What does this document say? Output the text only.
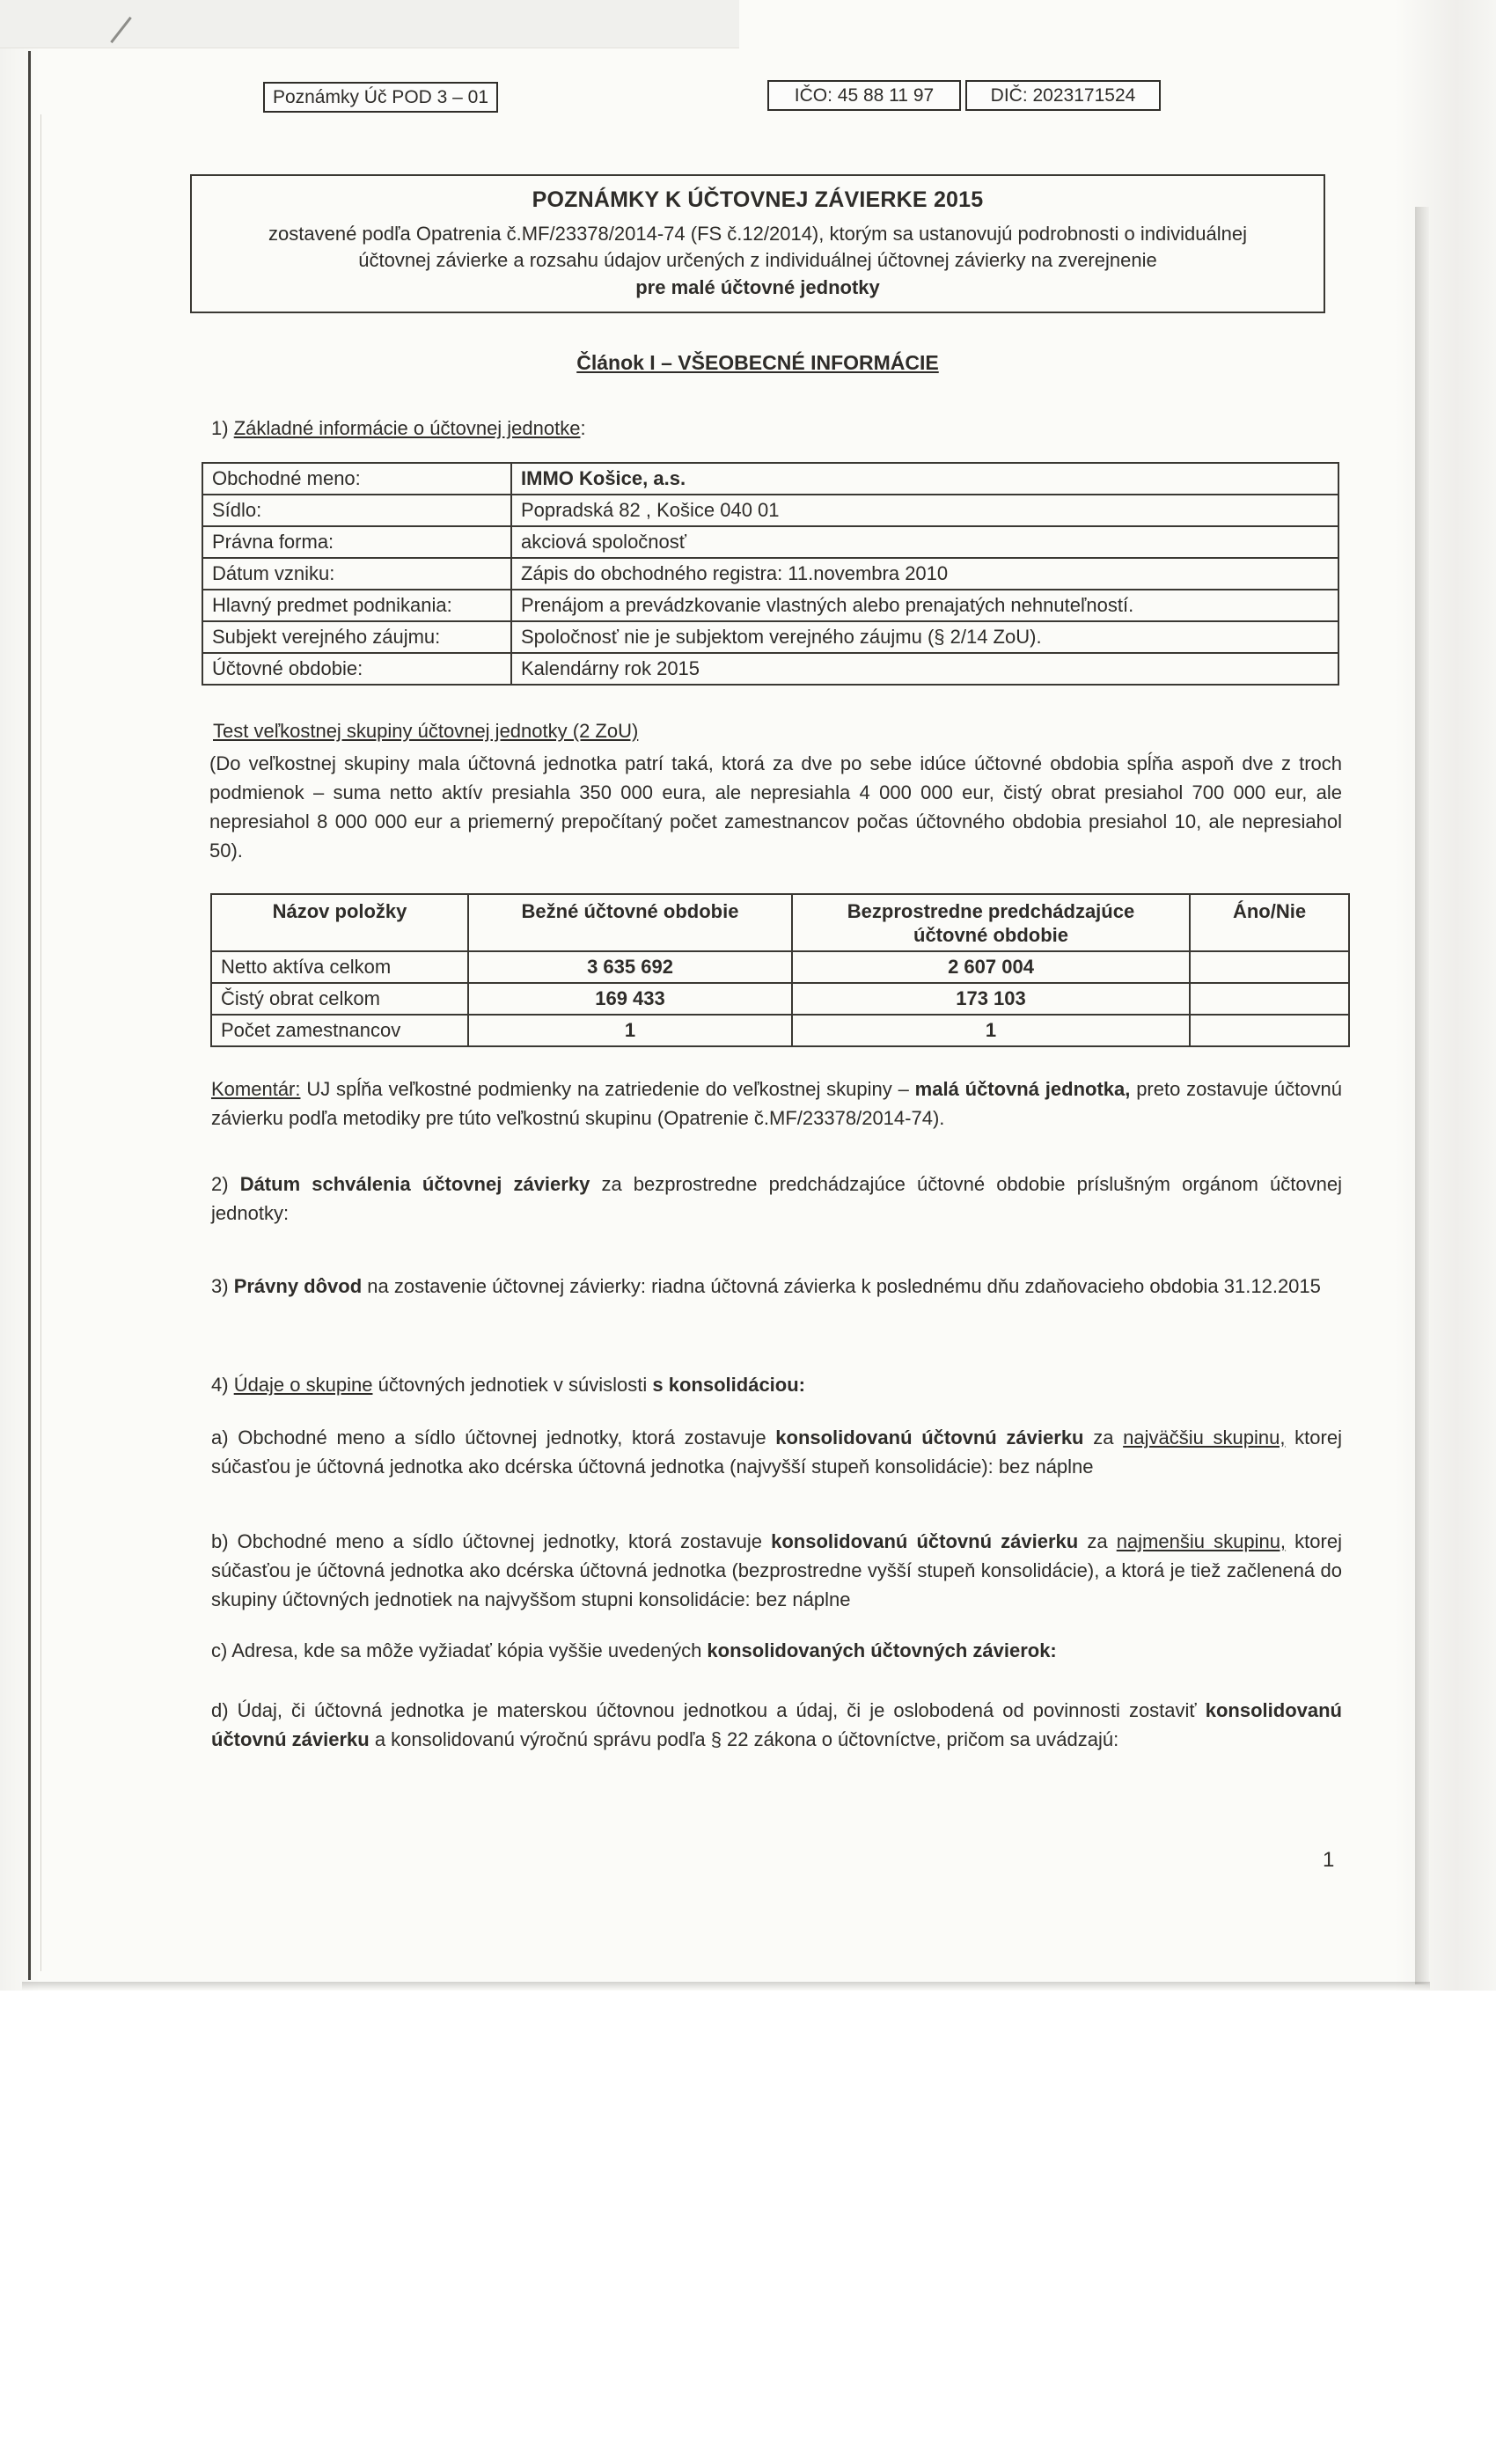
Poznámky Úč POD 3 – 01	IČO: 45 88 11 97	DIČ: 2023171524
POZNÁMKY K ÚČTOVNEJ ZÁVIERKE 2015
zostavené podľa Opatrenia č.MF/23378/2014-74 (FS č.12/2014), ktorým sa ustanovujú podrobnosti o individuálnej účtovnej závierke a rozsahu údajov určených z individuálnej účtovnej závierky na zverejnenie
pre malé účtovné jednotky
Článok I – VŠEOBECNÉ INFORMÁCIE
1) Základné informácie o účtovnej jednotke:
Obchodné meno:	IMMO Košice, a.s.
Sídlo:	Popradská 82 , Košice 040 01
Právna forma:	akciová spoločnosť
Dátum vzniku:	Zápis do obchodného registra: 11.novembra 2010
Hlavný predmet podnikania:	Prenájom a prevádzkovanie vlastných alebo prenajatých nehnuteľností.
Subjekt verejného záujmu:	Spoločnosť nie je subjektom verejného záujmu (§ 2/14 ZoU).
Účtovné obdobie:	Kalendárny rok 2015
Test veľkostnej skupiny účtovnej jednotky (2 ZoU)
(Do veľkostnej skupiny mala účtovná jednotka patrí taká, ktorá za dve po sebe idúce účtovné obdobia spĺňa aspoň dve z troch podmienok – suma netto aktív presiahla 350 000 eura, ale nepresiahla 4 000 000 eur, čistý obrat presiahol 700 000 eur, ale nepresiahol 8 000 000 eur a priemerný prepočítaný počet zamestnancov počas účtovného obdobia presiahol 10, ale nepresiahol 50).
Názov položky	Bežné účtovné obdobie	Bezprostredne predchádzajúce účtovné obdobie	Áno/Nie
Netto aktíva celkom	3 635 692	2 607 004	
Čistý obrat celkom	169 433	173 103	
Počet zamestnancov	1	1	
Komentár: UJ spĺňa veľkostné podmienky na zatriedenie do veľkostnej skupiny – malá účtovná jednotka, preto zostavuje účtovnú závierku podľa metodiky pre túto veľkostnú skupinu (Opatrenie č.MF/23378/2014-74).
2) Dátum schválenia účtovnej závierky za bezprostredne predchádzajúce účtovné obdobie príslušným orgánom účtovnej jednotky:
3) Právny dôvod na zostavenie účtovnej závierky: riadna účtovná závierka k poslednému dňu zdaňovacieho obdobia 31.12.2015
4) Údaje o skupine účtovných jednotiek v súvislosti s konsolidáciou:
a) Obchodné meno a sídlo účtovnej jednotky, ktorá zostavuje konsolidovanú účtovnú závierku za najväčšiu skupinu, ktorej súčasťou je účtovná jednotka ako dcérska účtovná jednotka (najvyšší stupeň konsolidácie): bez náplne
b) Obchodné meno a sídlo účtovnej jednotky, ktorá zostavuje konsolidovanú účtovnú závierku za najmenšiu skupinu, ktorej súčasťou je účtovná jednotka ako dcérska účtovná jednotka (bezprostredne vyšší stupeň konsolidácie), a ktorá je tiež začlenená do skupiny účtovných jednotiek na najvyššom stupni konsolidácie: bez náplne
c) Adresa, kde sa môže vyžiadať kópia vyššie uvedených konsolidovaných účtovných závierok:
d) Údaj, či účtovná jednotka je materskou účtovnou jednotkou a údaj, či je oslobodená od povinnosti zostaviť konsolidovanú účtovnú závierku a konsolidovanú výročnú správu podľa § 22 zákona o účtovníctve, pričom sa uvádzajú:
1
